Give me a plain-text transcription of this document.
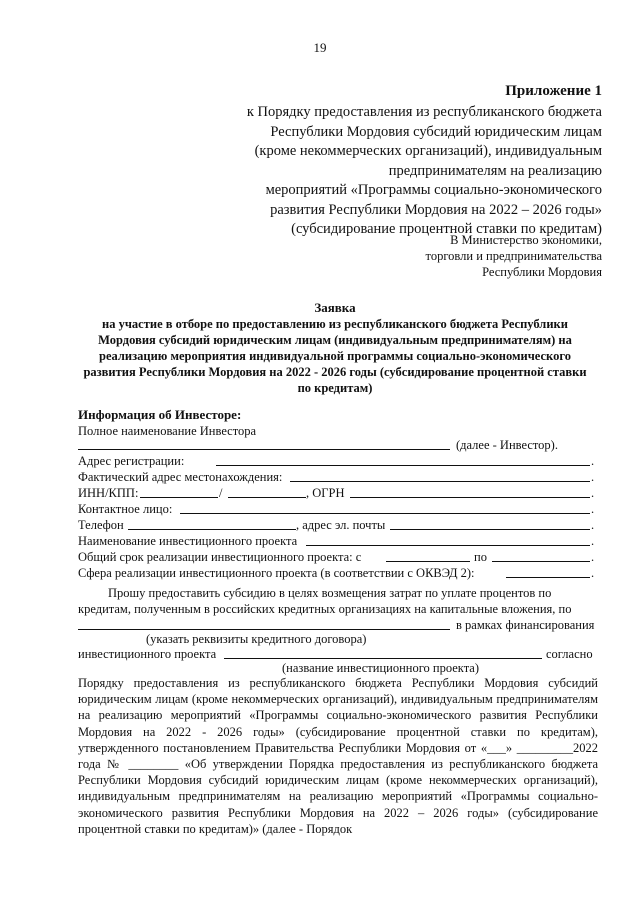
19
Приложение 1
к Порядку предоставления из республиканского бюджета
Республики Мордовия субсидий юридическим лицам
(кроме некоммерческих организаций), индивидуальным
предпринимателям на реализацию
мероприятий «Программы социально-экономического
развития Республики Мордовия на 2022 – 2026 годы»
(субсидирование процентной ставки по кредитам)
В Министерство экономики,
торговли и предпринимательства
Республики Мордовия
Заявка
на участие в отборе по предоставлению из республиканского бюджета Республики
Мордовия субсидий юридическим лицам (индивидуальным предпринимателям) на
реализацию мероприятия индивидуальной программы социально-экономического
развития Республики Мордовия на 2022 - 2026 годы (субсидирование процентной ставки
по кредитам)
Информация об Инвесторе:
Полное наименование Инвестора
(далее - Инвестор).
Адрес регистрации:	.
Фактический адрес местонахождения:	.
ИНН/КПП:	/	, ОГРН	.
Контактное лицо:	.
Телефон	, адрес эл. почты	.
Наименование инвестиционного проекта	.
Общий срок реализации инвестиционного проекта: с	по	.
Сфера реализации инвестиционного проекта (в соответствии с ОКВЭД 2):	.
Прошу предоставить субсидию в целях возмещения затрат по уплате процентов по
кредитам, полученным в российских кредитных организациях на капитальные вложения, по
в рамках финансирования
(указать реквизиты кредитного договора)
инвестиционного проекта	согласно
(название инвестиционного проекта)
Порядку предоставления из республиканского бюджета Республики Мордовия субсидий юридическим лицам (кроме некоммерческих организаций), индивидуальным предпринимателям на реализацию мероприятий «Программы социально-экономического развития Республики Мордовия на 2022 - 2026 годы» (субсидирование процентной ставки по кредитам), утвержденного постановлением Правительства Республики Мордовия от «___» _________2022 года № ________ «Об утверждении Порядка предоставления из республиканского бюджета Республики Мордовия субсидий юридическим лицам (кроме некоммерческих организаций), индивидуальным предпринимателям на реализацию мероприятий «Программы социально-экономического развития Республики Мордовия на 2022 – 2026 годы» (субсидирование процентной ставки по кредитам)» (далее - Порядок
